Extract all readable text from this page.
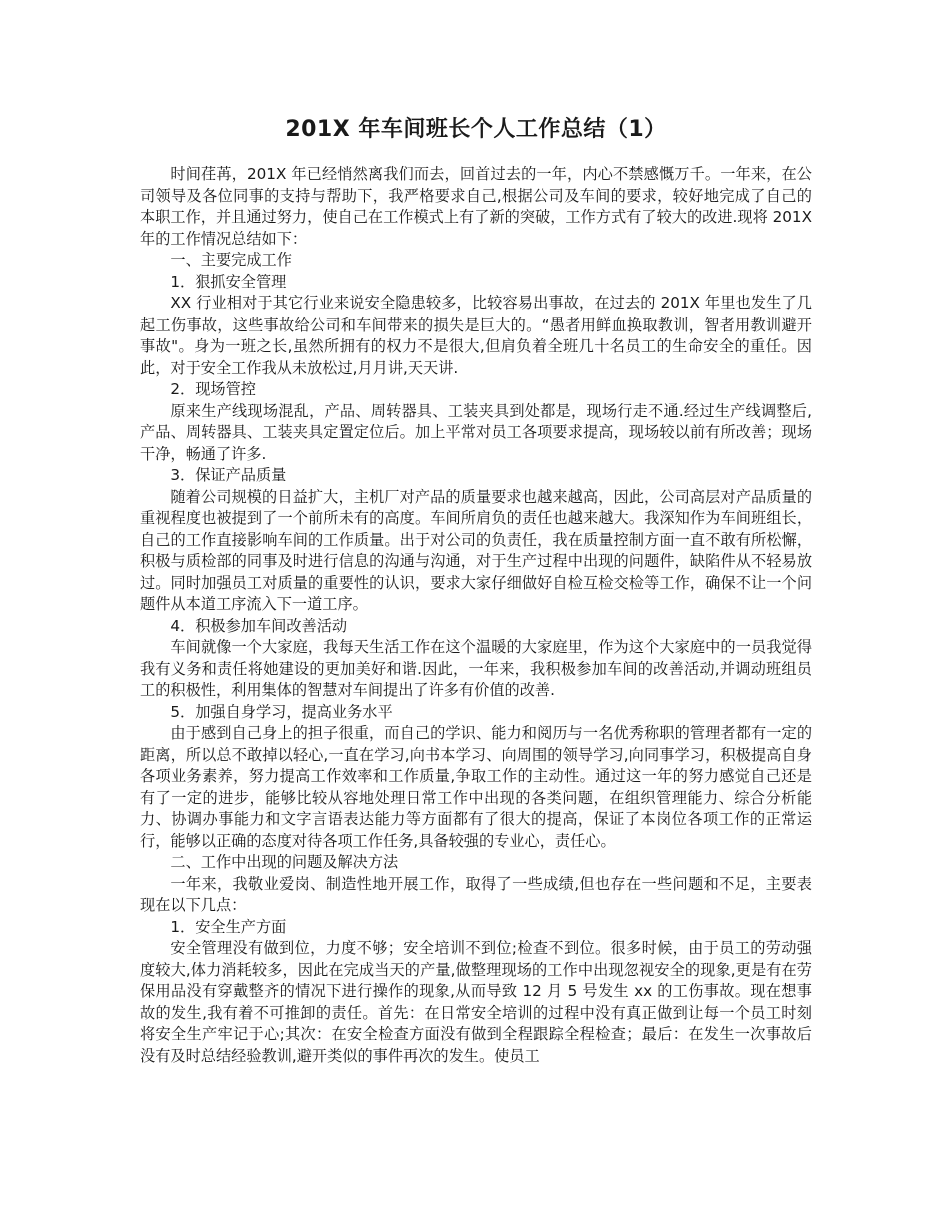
201X 年车间班长个人工作总结（1）

时间荏苒，201X 年已经悄然离我们而去，回首过去的一年，内心不禁感慨万千。一年来，在公司领导及各位同事的支持与帮助下，我严格要求自己,根据公司及车间的要求，较好地完成了自己的本职工作，并且通过努力，使自己在工作模式上有了新的突破，工作方式有了较大的改进.现将 201X 年的工作情况总结如下：

一、主要完成工作

1．狠抓安全管理

XX 行业相对于其它行业来说安全隐患较多，比较容易出事故，在过去的 201X 年里也发生了几起工伤事故，这些事故给公司和车间带来的损失是巨大的。“愚者用鲜血换取教训，智者用教训避开事故"。身为一班之长,虽然所拥有的权力不是很大,但肩负着全班几十名员工的生命安全的重任。因此，对于安全工作我从未放松过,月月讲,天天讲.

2．现场管控

原来生产线现场混乱，产品、周转器具、工装夹具到处都是，现场行走不通.经过生产线调整后,产品、周转器具、工装夹具定置定位后。加上平常对员工各项要求提高，现场较以前有所改善；现场干净，畅通了许多.

3．保证产品质量

随着公司规模的日益扩大，主机厂对产品的质量要求也越来越高，因此，公司高层对产品质量的重视程度也被提到了一个前所未有的高度。车间所肩负的责任也越来越大。我深知作为车间班组长，自己的工作直接影响车间的工作质量。出于对公司的负责任，我在质量控制方面一直不敢有所松懈，积极与质检部的同事及时进行信息的沟通与沟通，对于生产过程中出现的问题件，缺陷件从不轻易放过。同时加强员工对质量的重要性的认识，要求大家仔细做好自检互检交检等工作，确保不让一个问题件从本道工序流入下一道工序。

4．积极参加车间改善活动

车间就像一个大家庭，我每天生活工作在这个温暖的大家庭里，作为这个大家庭中的一员我觉得我有义务和责任将她建设的更加美好和谐.因此，一年来，我积极参加车间的改善活动,并调动班组员工的积极性，利用集体的智慧对车间提出了许多有价值的改善.

5．加强自身学习，提高业务水平

由于感到自己身上的担子很重，而自己的学识、能力和阅历与一名优秀称职的管理者都有一定的距离，所以总不敢掉以轻心,一直在学习,向书本学习、向周围的领导学习,向同事学习，积极提高自身各项业务素养，努力提高工作效率和工作质量,争取工作的主动性。通过这一年的努力感觉自己还是有了一定的进步，能够比较从容地处理日常工作中出现的各类问题，在组织管理能力、综合分析能力、协调办事能力和文字言语表达能力等方面都有了很大的提高，保证了本岗位各项工作的正常运行，能够以正确的态度对待各项工作任务,具备较强的专业心，责任心。

二、工作中出现的问题及解决方法

一年来，我敬业爱岗、制造性地开展工作，取得了一些成绩,但也存在一些问题和不足，主要表现在以下几点：

1．安全生产方面

安全管理没有做到位，力度不够；安全培训不到位;检查不到位。很多时候，由于员工的劳动强度较大,体力消耗较多，因此在完成当天的产量,做整理现场的工作中出现忽视安全的现象,更是有在劳保用品没有穿戴整齐的情况下进行操作的现象,从而导致 12 月 5 号发生 xx 的工伤事故。现在想事故的发生,我有着不可推卸的责任。首先：在日常安全培训的过程中没有真正做到让每一个员工时刻将安全生产牢记于心;其次：在安全检查方面没有做到全程跟踪全程检查；最后：在发生一次事故后没有及时总结经验教训,避开类似的事件再次的发生。使员工
